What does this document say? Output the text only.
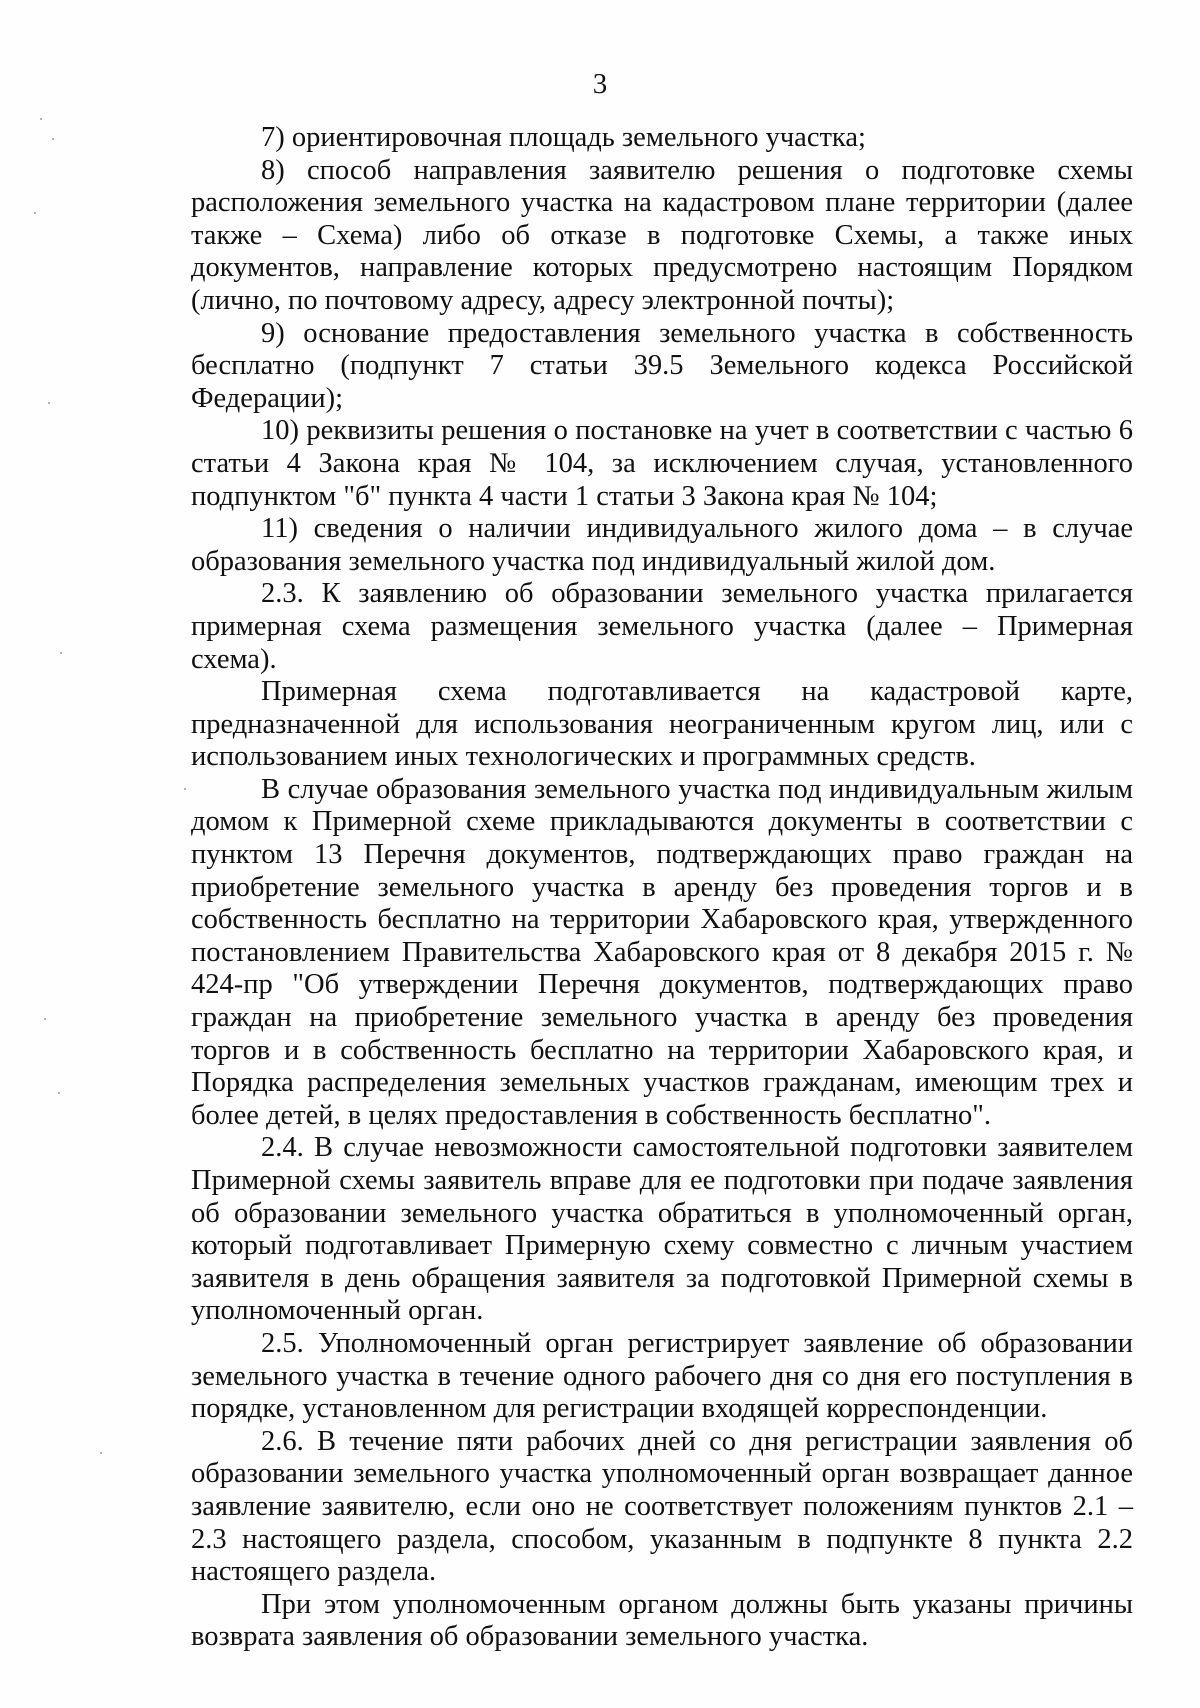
3

7) ориентировочная площадь земельного участка;

8) способ направления заявителю решения о подготовке схемы расположения земельного участка на кадастровом плане территории (далее также – Схема) либо об отказе в подготовке Схемы, а также иных документов, направление которых предусмотрено настоящим Порядком (лично, по почтовому адресу, адресу электронной почты);

9) основание предоставления земельного участка в собственность бесплатно (подпункт 7 статьи 39.5 Земельного кодекса Российской Федерации);

10) реквизиты решения о постановке на учет в соответствии с частью 6 статьи 4 Закона края № 104, за исключением случая, установленного подпунктом "б" пункта 4 части 1 статьи 3 Закона края № 104;

11) сведения о наличии индивидуального жилого дома – в случае образования земельного участка под индивидуальный жилой дом.

2.3. К заявлению об образовании земельного участка прилагается примерная схема размещения земельного участка (далее – Примерная схема).

Примерная схема подготавливается на кадастровой карте, предназначенной для использования неограниченным кругом лиц, или с использованием иных технологических и программных средств.

В случае образования земельного участка под индивидуальным жилым домом к Примерной схеме прикладываются документы в соответствии с пунктом 13 Перечня документов, подтверждающих право граждан на приобретение земельного участка в аренду без проведения торгов и в собственность бесплатно на территории Хабаровского края, утвержденного постановлением Правительства Хабаровского края от 8 декабря 2015 г. № 424-пр "Об утверждении Перечня документов, подтверждающих право граждан на приобретение земельного участка в аренду без проведения торгов и в собственность бесплатно на территории Хабаровского края, и Порядка распределения земельных участков гражданам, имеющим трех и более детей, в целях предоставления в собственность бесплатно".

2.4. В случае невозможности самостоятельной подготовки заявителем Примерной схемы заявитель вправе для ее подготовки при подаче заявления об образовании земельного участка обратиться в уполномоченный орган, который подготавливает Примерную схему совместно с личным участием заявителя в день обращения заявителя за подготовкой Примерной схемы в уполномоченный орган.

2.5. Уполномоченный орган регистрирует заявление об образовании земельного участка в течение одного рабочего дня со дня его поступления в порядке, установленном для регистрации входящей корреспонденции.

2.6. В течение пяти рабочих дней со дня регистрации заявления об образовании земельного участка уполномоченный орган возвращает данное заявление заявителю, если оно не соответствует положениям пунктов 2.1 – 2.3 настоящего раздела, способом, указанным в подпункте 8 пункта 2.2 настоящего раздела.

При этом уполномоченным органом должны быть указаны причины возврата заявления об образовании земельного участка.
